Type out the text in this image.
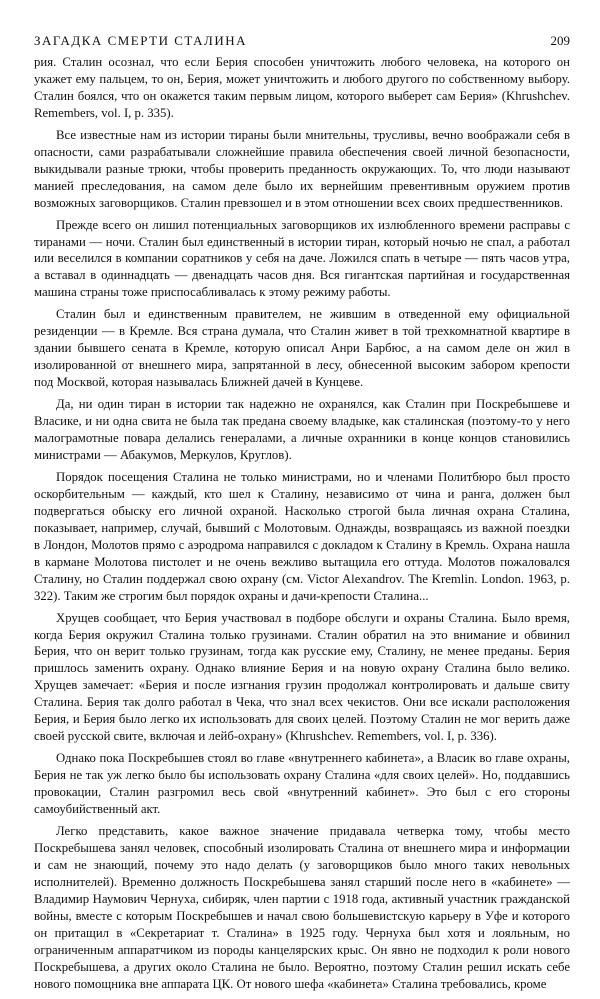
ЗАГАДКА СМЕРТИ СТАЛИНА	209

рия. Сталин осознал, что если Берия способен уничтожить любого человека, на которого он укажет ему пальцем, то он, Берия, может уничтожить и любого другого по собственному выбору. Сталин боялся, что он окажется таким первым лицом, которого выберет сам Берия» (Khrushchev. Remembers, vol. I, p. 335).

Все известные нам из истории тираны были мнительны, трусливы, вечно воображали себя в опасности, сами разрабатывали сложнейшие правила обеспечения своей личной безопасности, выкидывали разные трюки, чтобы проверить преданность окружающих. То, что люди называют манией преследования, на самом деле было их вернейшим превентивным оружием против возможных заговорщиков. Сталин превзошел и в этом отношении всех своих предшественников.

Прежде всего он лишил потенциальных заговорщиков их излюбленного времени расправы с тиранами — ночи. Сталин был единственный в истории тиран, который ночью не спал, а работал или веселился в компании соратников у себя на даче. Ложился спать в четыре — пять часов утра, а вставал в одиннадцать — двенадцать часов дня. Вся гигантская партийная и государственная машина страны тоже приспосабливалась к этому режиму работы.

Сталин был и единственным правителем, не жившим в отведенной ему официальной резиденции — в Кремле. Вся страна думала, что Сталин живет в той трехкомнатной квартире в здании бывшего сената в Кремле, которую описал Анри Барбюс, а на самом деле он жил в изолированной от внешнего мира, запрятанной в лесу, обнесенной высоким забором крепости под Москвой, которая называлась Ближней дачей в Кунцеве.

Да, ни один тиран в истории так надежно не охранялся, как Сталин при Поскребышеве и Власике, и ни одна свита не была так предана своему владыке, как сталинская (поэтому-то у него малограмотные повара делались генералами, а личные охранники в конце концов становились министрами — Абакумов, Меркулов, Круглов).

Порядок посещения Сталина не только министрами, но и членами Политбюро был просто оскорбительным — каждый, кто шел к Сталину, независимо от чина и ранга, должен был подвергаться обыску его личной охраной. Насколько строгой была личная охрана Сталина, показывает, например, случай, бывший с Молотовым. Однажды, возвращаясь из важной поездки в Лондон, Молотов прямо с аэродрома направился с докладом к Сталину в Кремль. Охрана нашла в кармане Молотова пистолет и не очень вежливо вытащила его оттуда. Молотов пожаловался Сталину, но Сталин поддержал свою охрану (см. Victor Alexandrov. The Kremlin. London. 1963, p. 322). Таким же строгим был порядок охраны и дачи-крепости Сталина...

Хрущев сообщает, что Берия участвовал в подборе обслуги и охраны Сталина. Было время, когда Берия окружил Сталина только грузинами. Сталин обратил на это внимание и обвинил Берия, что он верит только грузинам, тогда как русские ему, Сталину, не менее преданы. Берия пришлось заменить охрану. Однако влияние Берия и на новую охрану Сталина было велико. Хрущев замечает: «Берия и после изгнания грузин продолжал контролировать и дальше свиту Сталина. Берия так долго работал в Чека, что знал всех чекистов. Они все искали расположения Берия, и Берия было легко их использовать для своих целей. Поэтому Сталин не мог верить даже своей русской свите, включая и лейб-охрану» (Khrushchev. Remembers, vol. I, p. 336).

Однако пока Поскребышев стоял во главе «внутреннего кабинета», а Власик во главе охраны, Берия не так уж легко было бы использовать охрану Сталина «для своих целей». Но, поддавшись провокации, Сталин разгромил весь свой «внутренний кабинет». Это был с его стороны самоубийственный акт.

Легко представить, какое важное значение придавала четверка тому, чтобы место Поскребышева занял человек, способный изолировать Сталина от внешнего мира и информации и сам не знающий, почему это надо делать (у заговорщиков было много таких невольных исполнителей). Временно должность Поскребышева занял старший после него в «кабинете» — Владимир Наумович Чернуха, сибиряк, член партии с 1918 года, активный участник гражданской войны, вместе с которым Поскребышев и начал свою большевистскую карьеру в Уфе и которого он притащил в «Секретариат т. Сталина» в 1925 году. Чернуха был хотя и лояльным, но ограниченным аппаратчиком из породы канцелярских крыс. Он явно не подходил к роли нового Поскребышева, а других около Сталина не было. Вероятно, поэтому Сталин решил искать себе нового помощника вне аппарата ЦК. От нового шефа «кабинета» Сталина требовались, кроме
